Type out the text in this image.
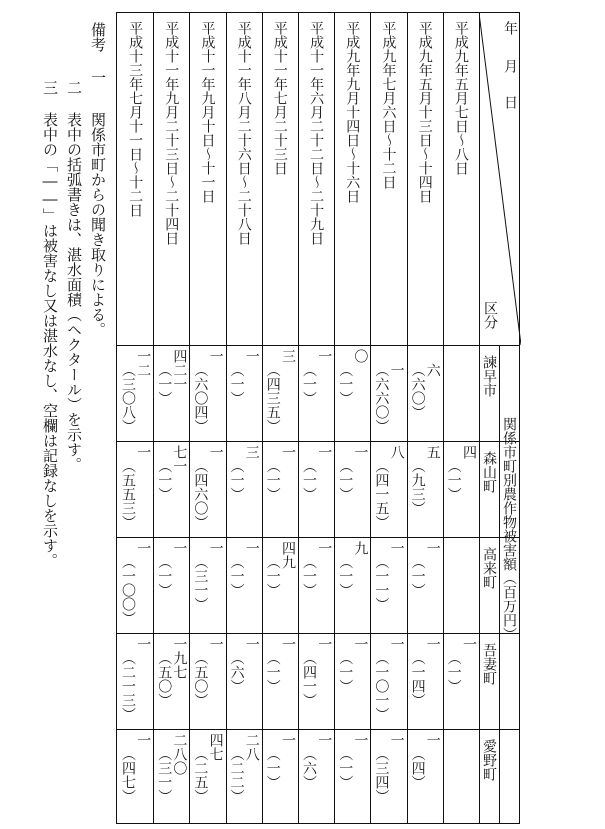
年
月
日
区分
関係市町別農作物被害額（百万円）
諫早市
森山町
高来町
吾妻町
愛野町
平成九年五月七日～八日
四
（一）
一
（一）
平成九年五月十三日～十四日
六
（六〇）
五
（九三）
一
（一）
一
（一四）
一
（四）
平成九年七月六日～十二日
一
（六六〇）
八
（四一五）
一
（一一）
一
（一〇一）
一
（三四）
平成九年九月十四日～十六日
〇
（一）
一
（一）
九
（一）
一
（一）
一
（一）
平成十一年六月二十二日～二十九日
一
（一）
一
（一）
一
（一）
一
（四一）
一
（六）
平成十一年七月二十三日
三
（四三五）
一
（一）
四九
（一）
一
（一）
一
（一）
平成十一年八月二十六日～二十八日
一
（一）
三
（一）
一
（一）
一
（六）
二八
（二二）
平成十一年九月十日～十一日
一
（六〇四）
一
（四六〇）
一
（三一）
一
（五〇）
四七
（二五）
平成十一年九月二十三日～二十四日
四二一
（一）
七一
（一）
一
（一）
一九七
（五〇）
二八〇
（三一）
平成十三年七月十一日～十二日
一二
（三〇八）
一
（五五三）
一
（一〇〇）
一
（二一三）
一
（四七）
備考
一
関係市町からの聞き取りによる。
二
表中の括弧書きは、湛水面積（ヘクタール）を示す。
三
表中の「――」は被害なし又は湛水なし、空欄は記録なしを示す。
